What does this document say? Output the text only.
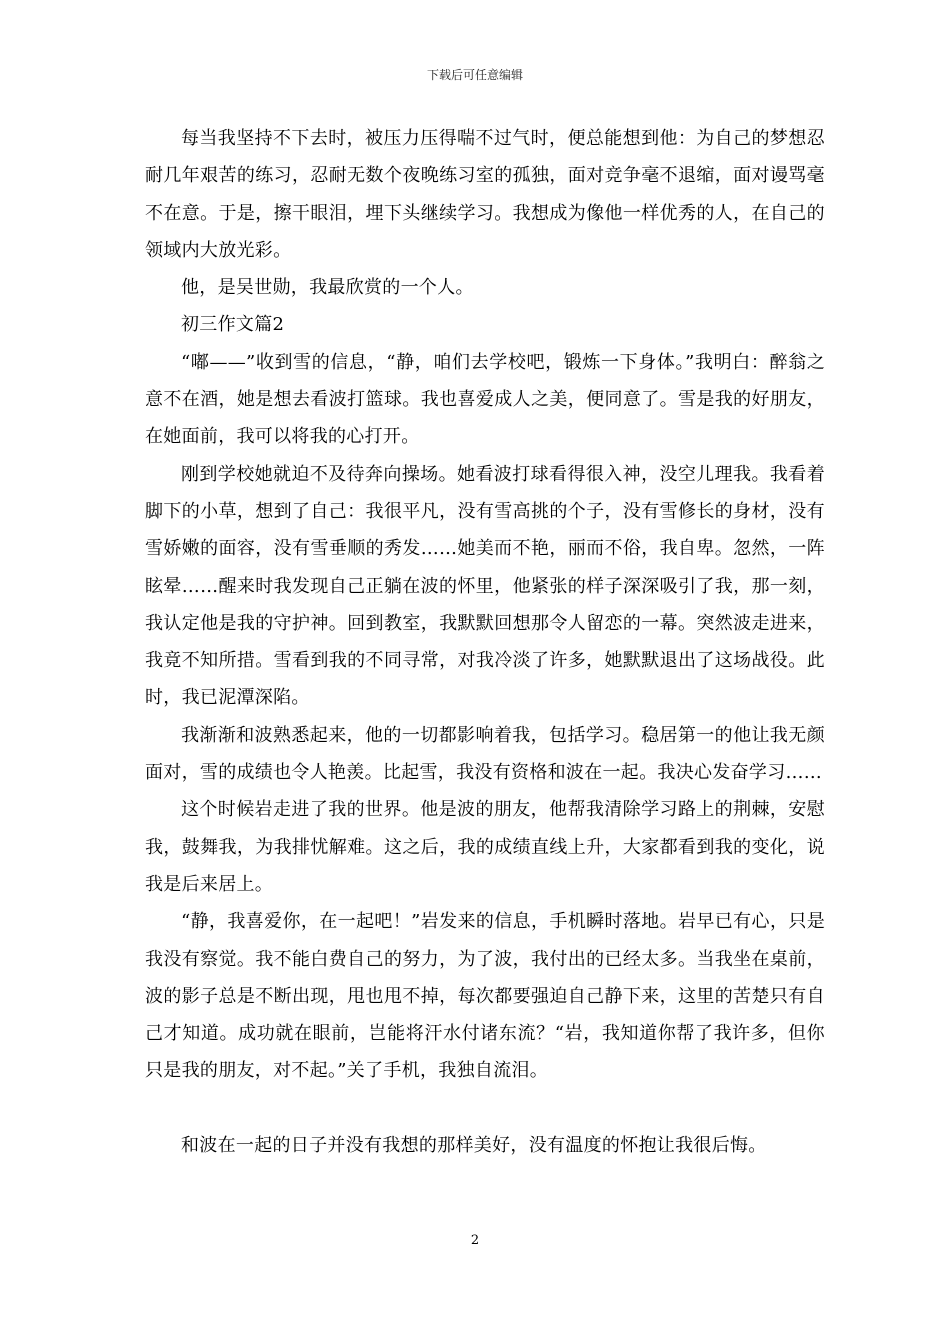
下载后可任意编辑

每当我坚持不下去时，被压力压得喘不过气时，便总能想到他：为自己的梦想忍耐几年艰苦的练习，忍耐无数个夜晚练习室的孤独，面对竞争毫不退缩，面对谩骂毫不在意。于是，擦干眼泪，埋下头继续学习。我想成为像他一样优秀的人，在自己的领域内大放光彩。

他，是吴世勋，我最欣赏的一个人。

初三作文篇2

“嘟——”收到雪的信息，“静，咱们去学校吧，锻炼一下身体。”我明白：醉翁之意不在酒，她是想去看波打篮球。我也喜爱成人之美，便同意了。雪是我的好朋友，在她面前，我可以将我的心打开。

刚到学校她就迫不及待奔向操场。她看波打球看得很入神，没空儿理我。我看着脚下的小草，想到了自己：我很平凡，没有雪高挑的个子，没有雪修长的身材，没有雪娇嫩的面容，没有雪垂顺的秀发……她美而不艳，丽而不俗，我自卑。忽然，一阵眩晕……醒来时我发现自己正躺在波的怀里，他紧张的样子深深吸引了我，那一刻，我认定他是我的守护神。回到教室，我默默回想那令人留恋的一幕。突然波走进来，我竟不知所措。雪看到我的不同寻常，对我冷淡了许多，她默默退出了这场战役。此时，我已泥潭深陷。

我渐渐和波熟悉起来，他的一切都影响着我，包括学习。稳居第一的他让我无颜面对，雪的成绩也令人艳羡。比起雪，我没有资格和波在一起。我决心发奋学习……

这个时候岩走进了我的世界。他是波的朋友，他帮我清除学习路上的荆棘，安慰我，鼓舞我，为我排忧解难。这之后，我的成绩直线上升，大家都看到我的变化，说我是后来居上。

“静，我喜爱你，在一起吧！”岩发来的信息，手机瞬时落地。岩早已有心，只是我没有察觉。我不能白费自己的努力，为了波，我付出的已经太多。当我坐在桌前，波的影子总是不断出现，甩也甩不掉，每次都要强迫自己静下来，这里的苦楚只有自己才知道。成功就在眼前，岂能将汗水付诸东流？“岩，我知道你帮了我许多，但你只是我的朋友，对不起。”关了手机，我独自流泪。

和波在一起的日子并没有我想的那样美好，没有温度的怀抱让我很后悔。

2
